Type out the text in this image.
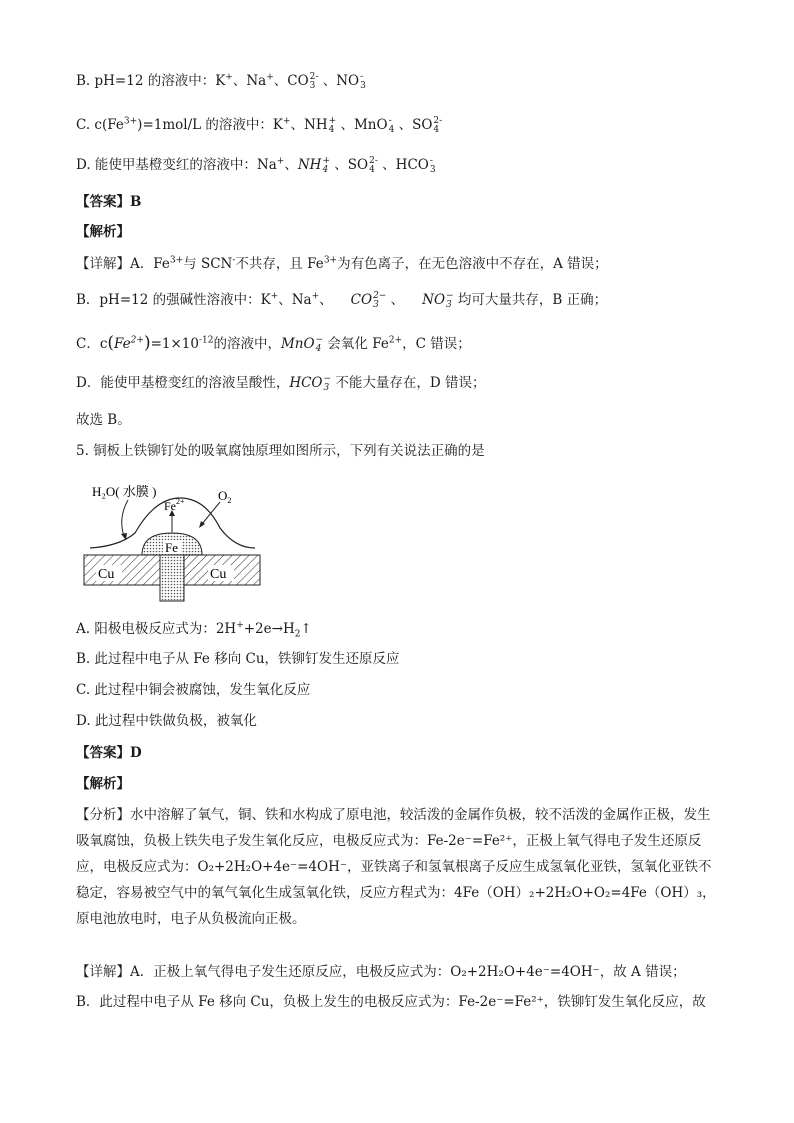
B. pH=12 的溶液中：K+、Na+、CO 2-
3 、NO -
3
C. $c(Fe^{3+})=1mol/L$ 的溶液中：K+、NH +
4 、MnO -
4 、SO 2-
4
D. 能使甲基橙变红的溶液中：Na+、NH +
4 、SO 2-
4 、HCO -
3
【答案】B
【解析】
【详解】A．$Fe^{3+}$与 SCN-不共存，且 $Fe^{3+}$为有色离子，在无色溶液中不存在，A 错误；
B．pH=12 的强碱性溶液中：K+、Na+、 CO 2−
3 、 NO −
3 均可大量共存，B 正确；
C．$c(Fe^{2+})=1\times 10^{-12}$的溶液中，MnO −
4 会氧化 $Fe^{2+}$，C 错误；
D．能使甲基橙变红的溶液呈酸性，HCO −
3 不能大量存在，D 错误；
故选 B。
5. 铜板上铁铆钉处的吸氧腐蚀原理如图所示，下列有关说法正确的是
H₂O( 水膜 )	$O_2$
$Fe^{2+}$
Fe
Cu	Cu
A. 阳极电极反应式为：$2H^++2e\to H_2↑$
B. 此过程中电子从 Fe 移向 Cu，铁铆钉发生还原反应
C. 此过程中铜会被腐蚀，发生氧化反应
D. 此过程中铁做负极，被氧化
【答案】D
【解析】
【分析】水中溶解了氧气，铜、铁和水构成了原电池，较活泼的金属作负极，较不活泼的金属作正极，发生吸氧腐蚀，负极上铁失电子发生氧化反应，电极反应式为：Fe-2e⁻=Fe²⁺，正极上氧气得电子发生还原反应，电极反应式为：O₂+2H₂O+4e⁻=4OH⁻，亚铁离子和氢氧根离子反应生成氢氧化亚铁，氢氧化亚铁不稳定，容易被空气中的氧气氧化生成氢氧化铁，反应方程式为：4Fe（OH）₂+2H₂O+O₂=4Fe（OH）₃，原电池放电时，电子从负极流向正极。
【详解】A．正极上氧气得电子发生还原反应，电极反应式为：O₂+2H₂O+4e⁻=4OH⁻，故 A 错误；
B．此过程中电子从 Fe 移向 Cu，负极上发生的电极反应式为：Fe-2e⁻=Fe²⁺，铁铆钉发生氧化反应，故
